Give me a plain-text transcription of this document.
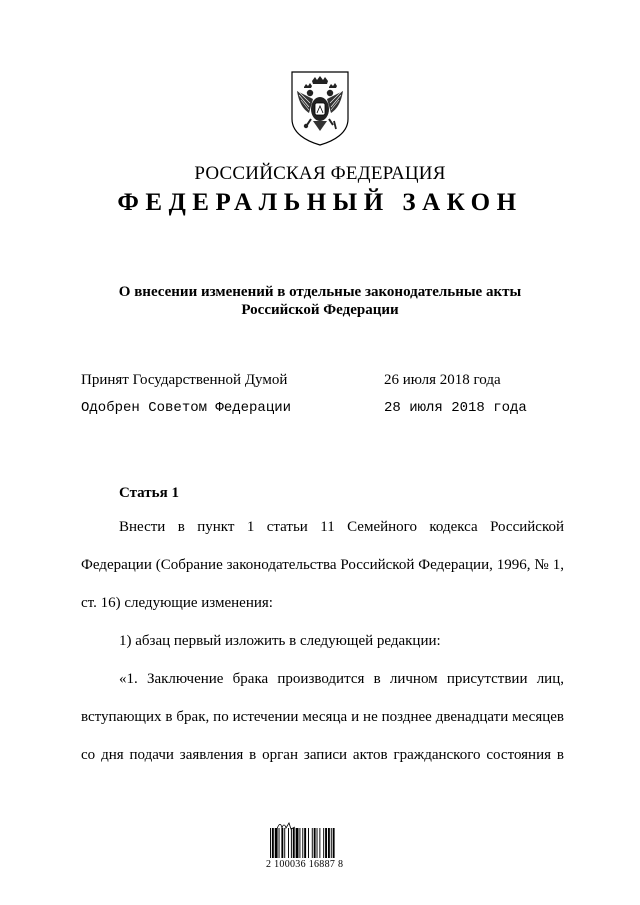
РОССИЙСКАЯ ФЕДЕРАЦИЯ
ФЕДЕРАЛЬНЫЙ ЗАКОН
О внесении изменений в отдельные законодательные акты
Российской Федерации
Принят Государственной Думой	26 июля 2018 года
Одобрен Советом Федерации	28 июля 2018 года
Статья 1
Внести в пункт 1 статьи 11 Семейного кодекса Российской
Федерации (Собрание законодательства Российской Федерации, 1996, № 1,
ст. 16) следующие изменения:
1) абзац первый изложить в следующей редакции:
«1. Заключение брака производится в личном присутствии лиц,
вступающих в брак, по истечении месяца и не позднее двенадцати месяцев
со дня подачи заявления в орган записи актов гражданского состояния в
2 100036 16887 8
